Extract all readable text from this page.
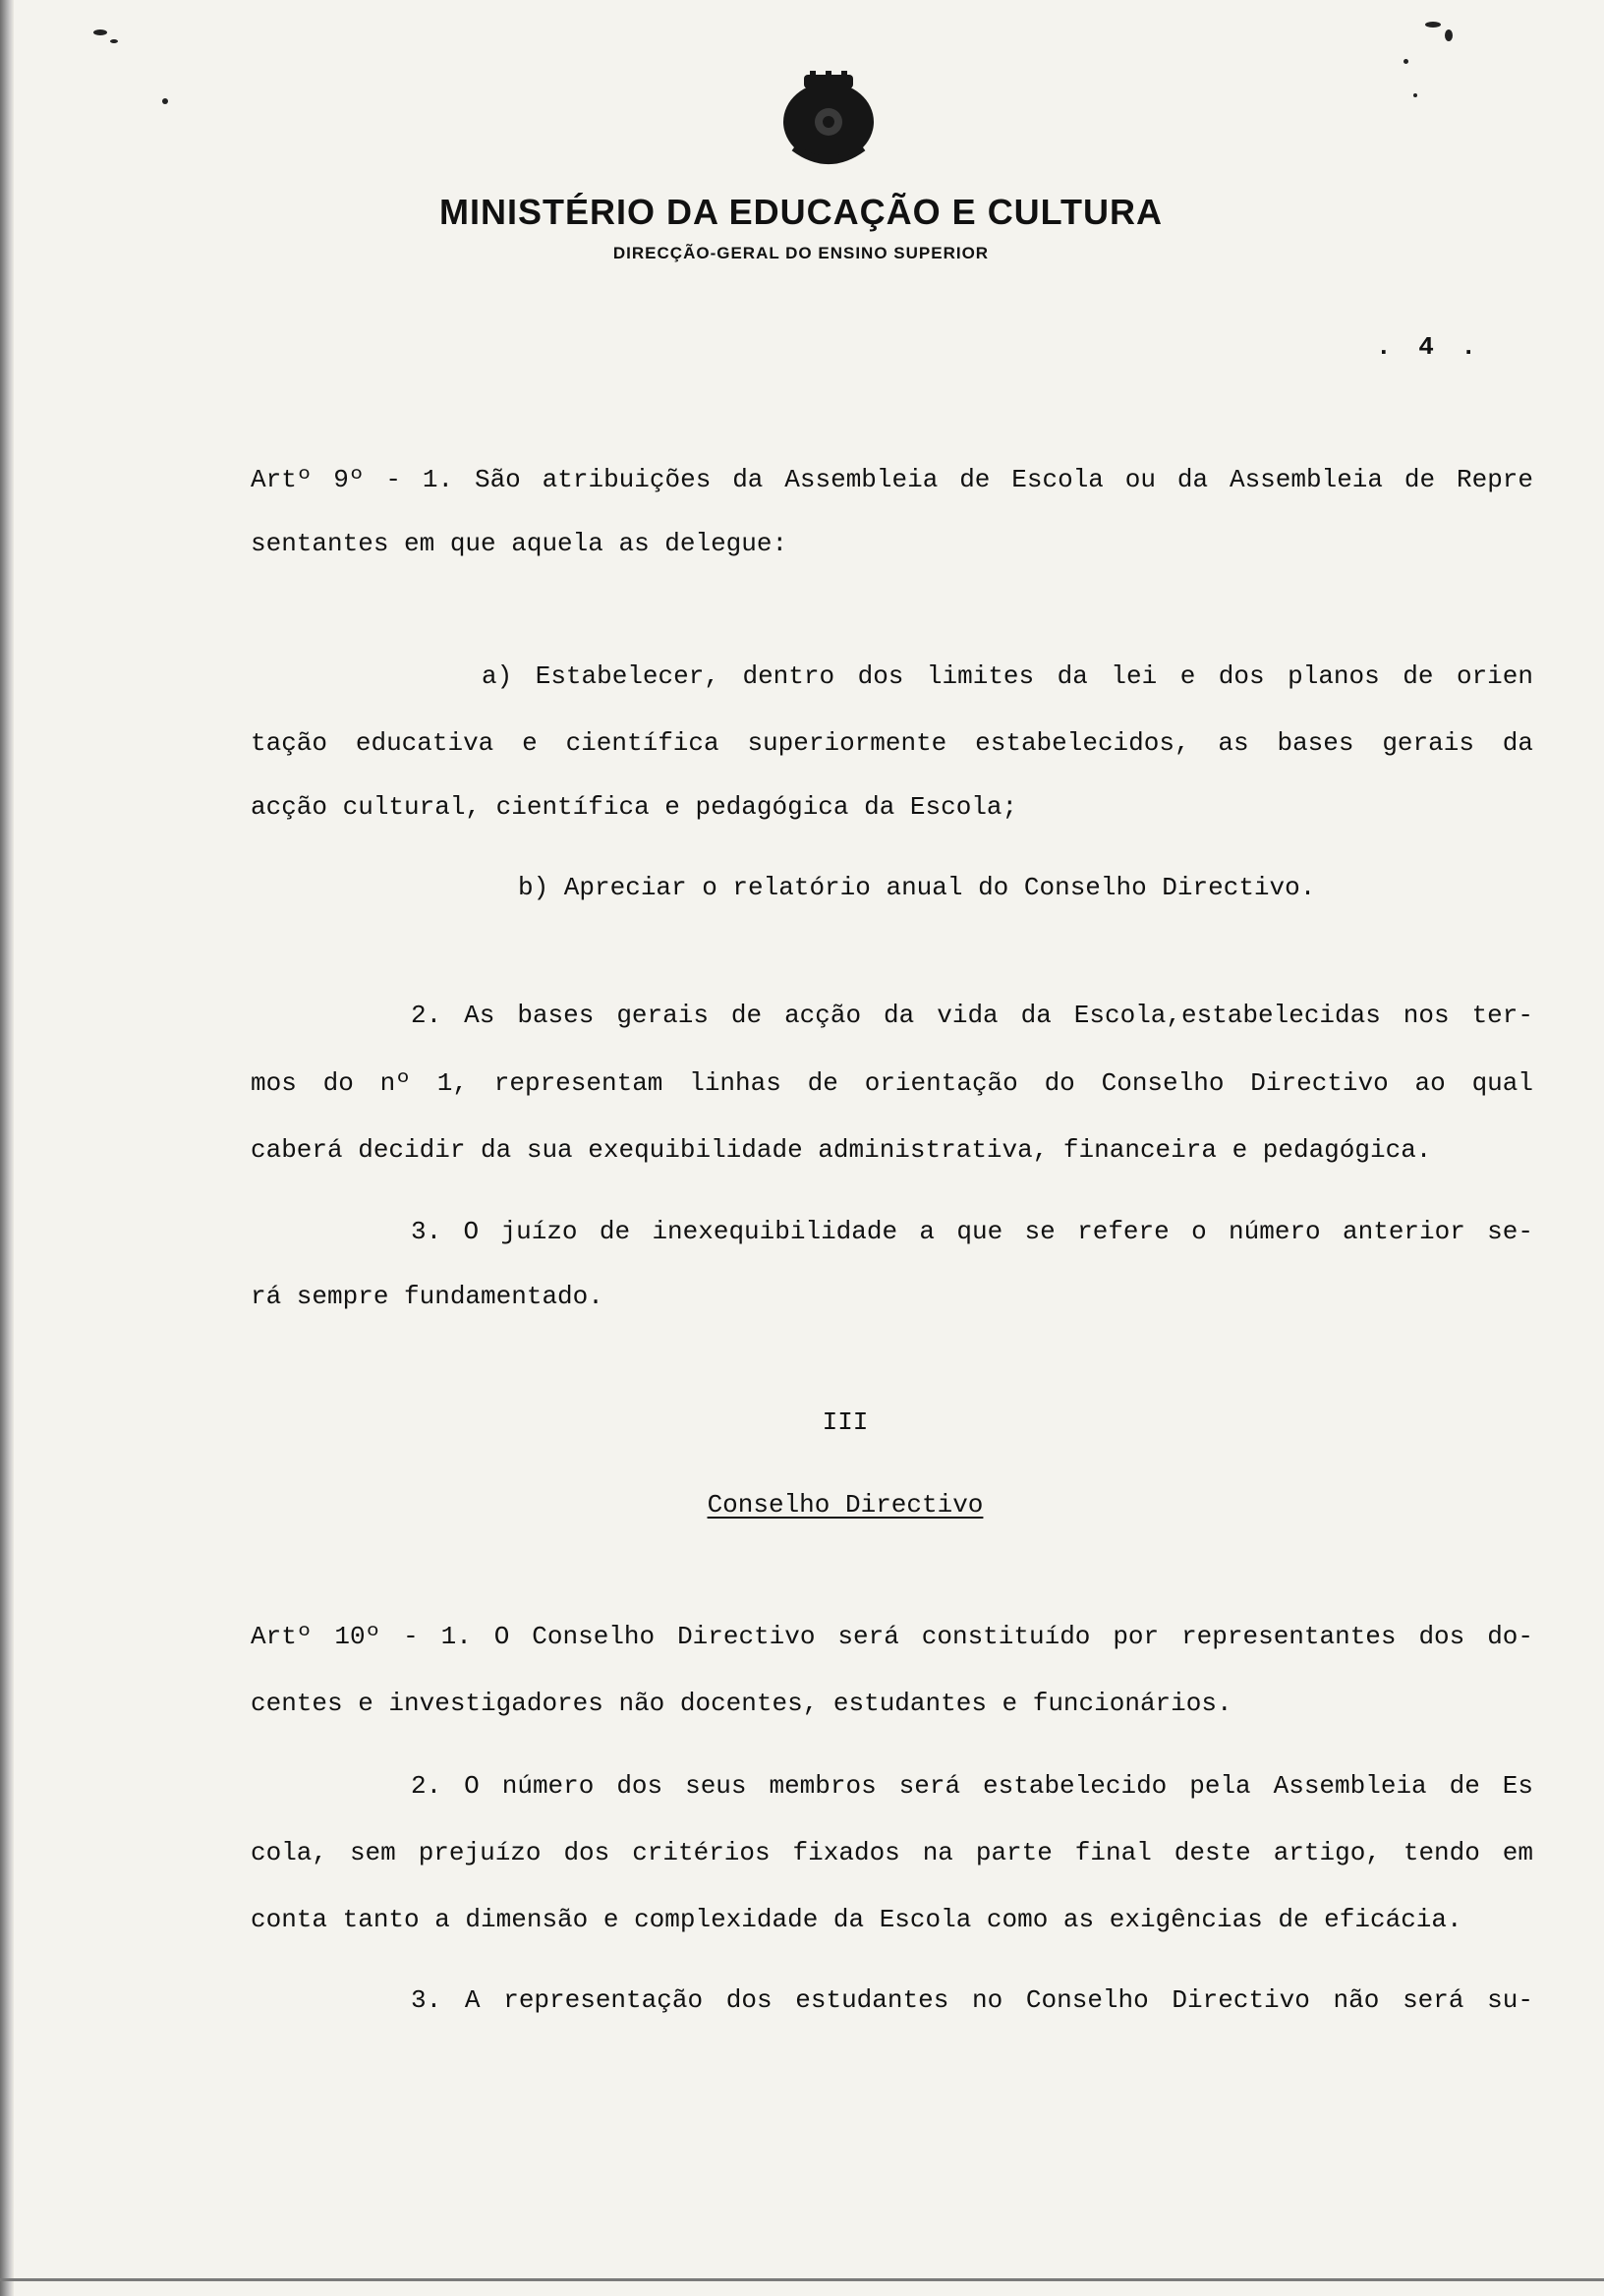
MINISTÉRIO DA EDUCAÇÃO E CULTURA
DIRECÇÃO-GERAL DO ENSINO SUPERIOR
. 4 .
Artº 9º - 1. São atribuições da Assembleia de Escola ou da Assembleia de Repre
sentantes em que aquela as delegue:
a) Estabelecer, dentro dos limites da lei e dos planos de orien
tação educativa e científica superiormente estabelecidos, as bases gerais da
acção cultural, científica e pedagógica da Escola;
b) Apreciar o relatório anual do Conselho Directivo.
2. As bases gerais de acção da vida da Escola,estabelecidas nos ter-
mos do nº 1, representam linhas de orientação do Conselho Directivo ao qual
caberá decidir da sua exequibilidade administrativa, financeira e pedagógica.
3. O juízo de inexequibilidade a que se refere o número anterior se-
rá sempre fundamentado.
III
Conselho Directivo
Artº 10º - 1. O Conselho Directivo será constituído por representantes dos do-
centes e investigadores não docentes, estudantes e funcionários.
2. O número dos seus membros será estabelecido pela Assembleia de Es
cola, sem prejuízo dos critérios fixados na parte final deste artigo, tendo em
conta tanto a dimensão e complexidade da Escola como as exigências de eficácia.
3. A representação dos estudantes no Conselho Directivo não será su-
